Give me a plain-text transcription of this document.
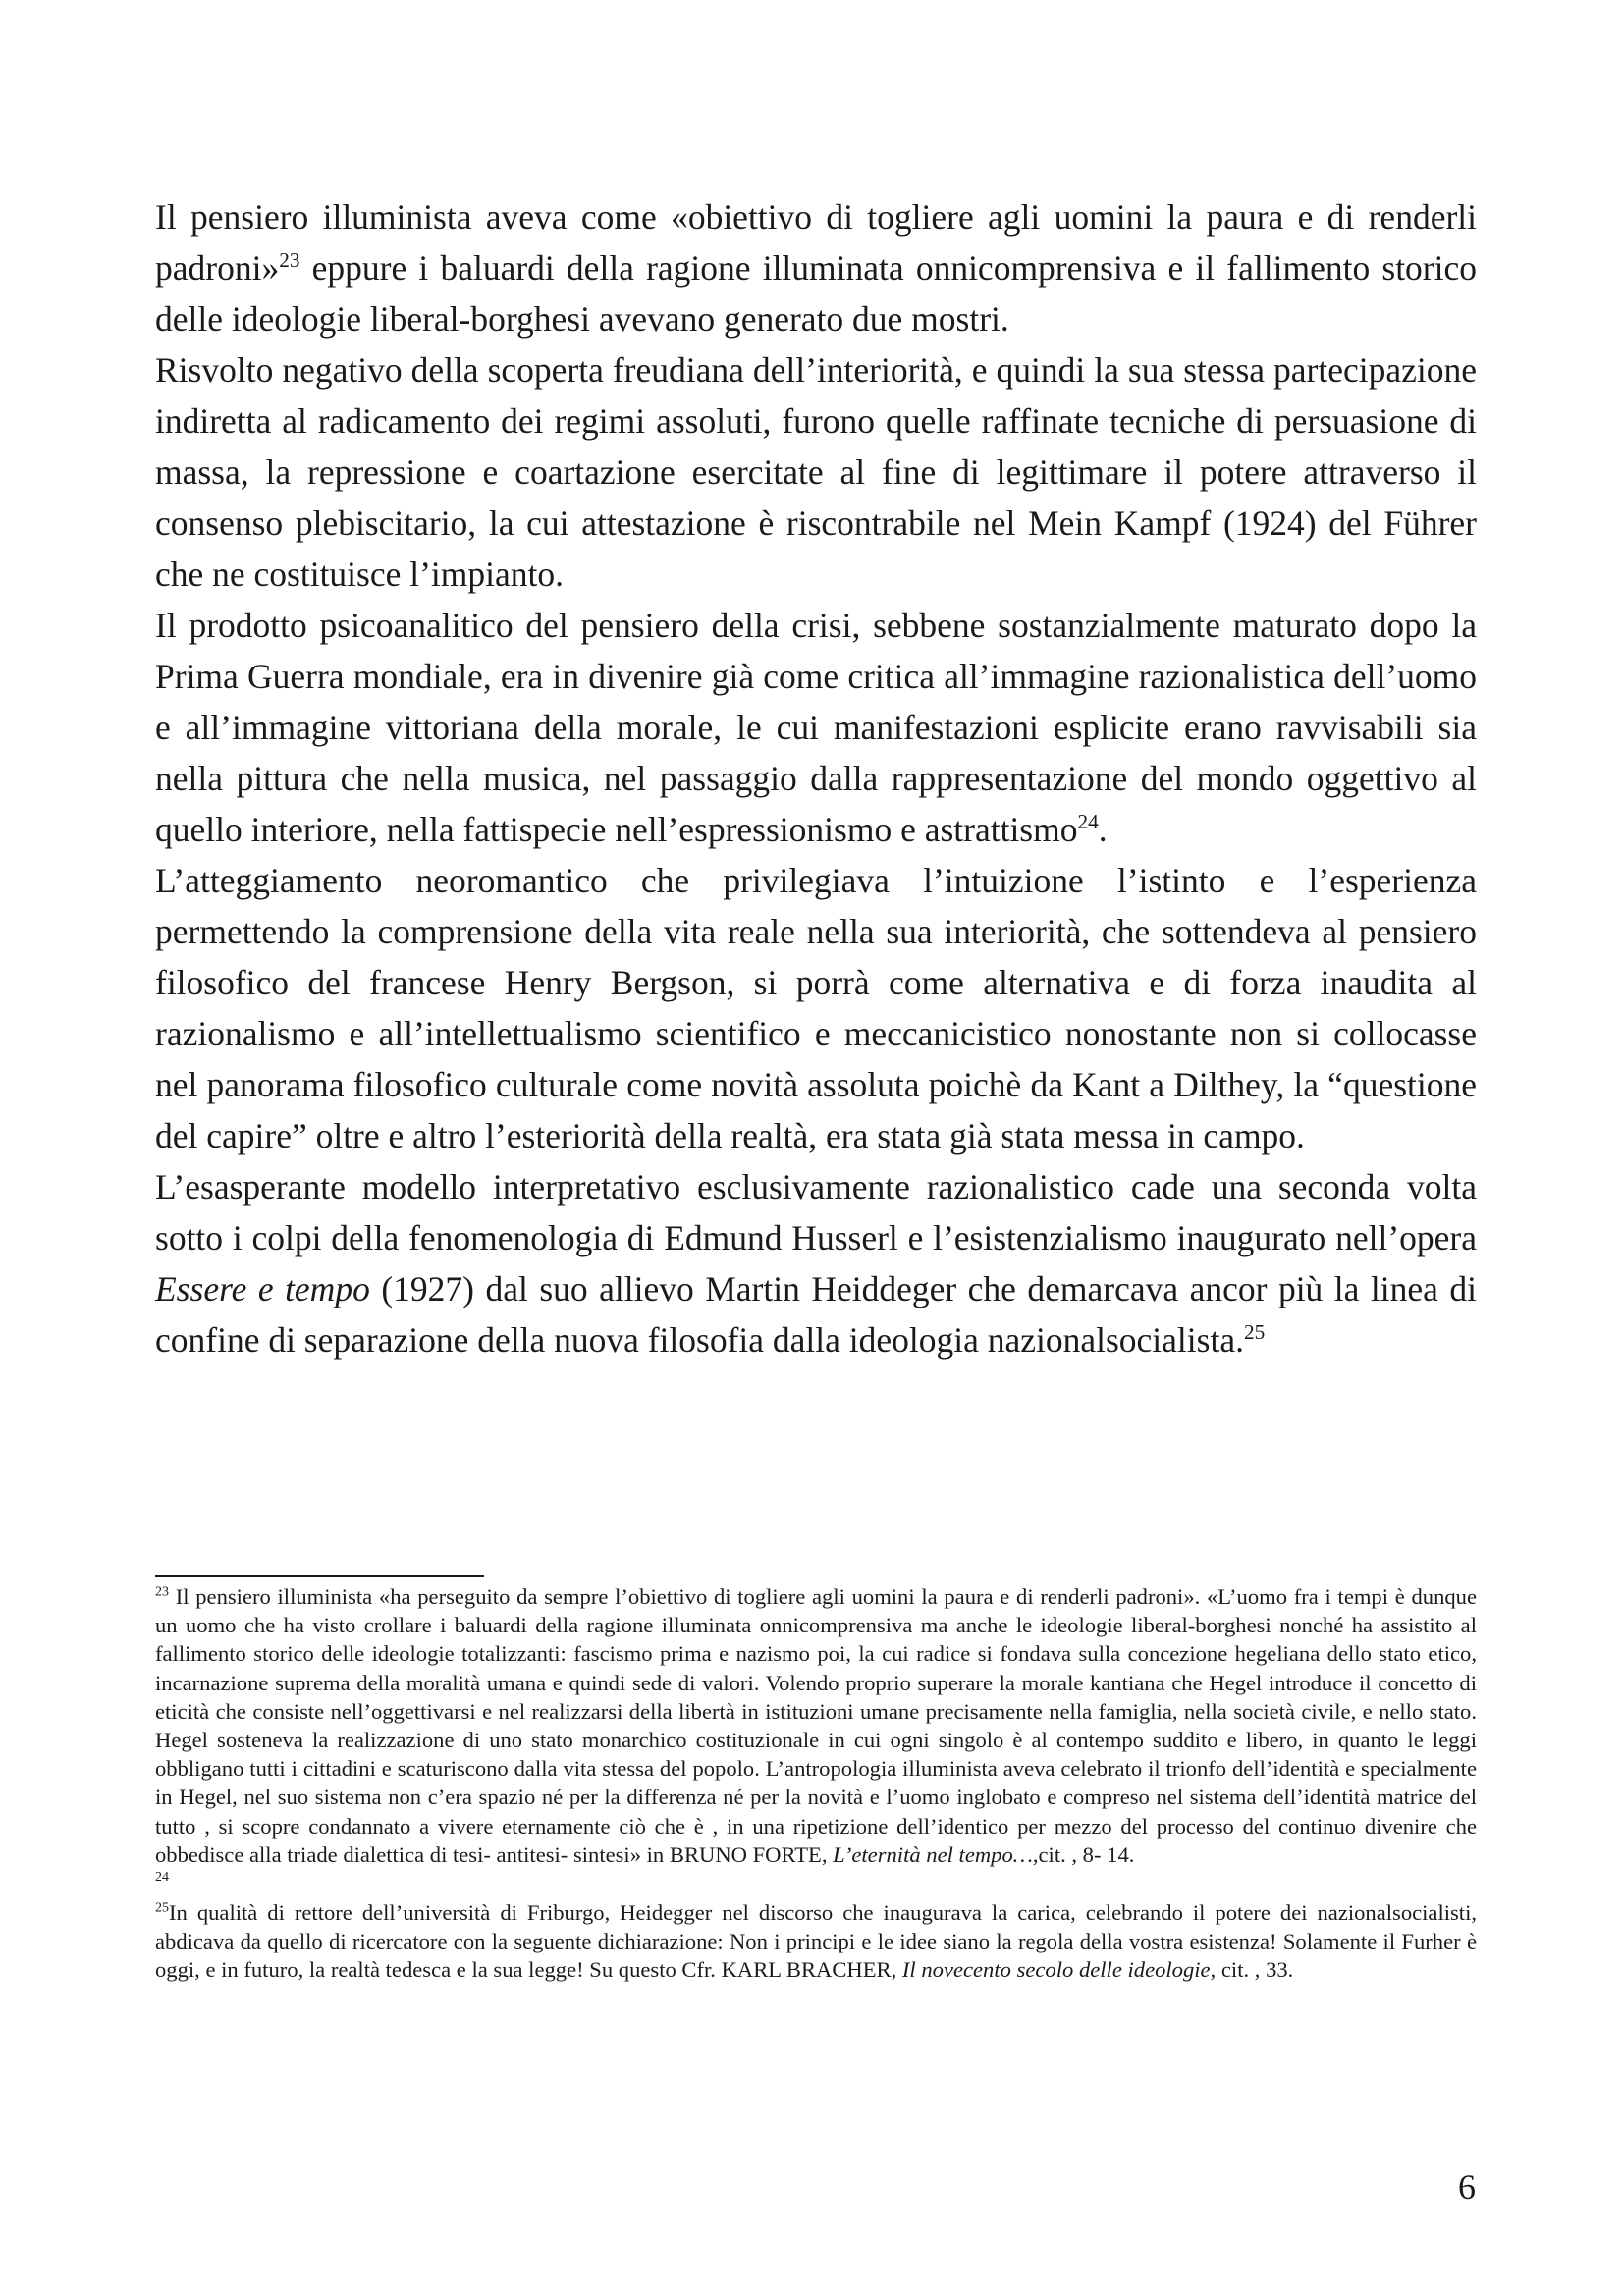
Il pensiero illuminista aveva come «obiettivo di togliere agli uomini la paura e di renderli padroni»$^{23}$ eppure i baluardi della ragione illuminata onnicomprensiva e il fallimento storico delle ideologie liberal-borghesi avevano generato due mostri.

Risvolto negativo della scoperta freudiana dell’interiorità, e quindi la sua stessa partecipazione indiretta al radicamento dei regimi assoluti, furono quelle raffinate tecniche di persuasione di massa, la repressione e coartazione esercitate al fine di legittimare il potere attraverso il consenso plebiscitario, la cui attestazione è riscontrabile nel Mein Kampf (1924) del Führer che ne costituisce l’impianto.

Il prodotto psicoanalitico del pensiero della crisi, sebbene sostanzialmente maturato dopo la Prima Guerra mondiale, era in divenire già come critica all’immagine razionalistica dell’uomo e all’immagine vittoriana della morale, le cui manifestazioni esplicite erano ravvisabili sia nella pittura che nella musica, nel passaggio dalla rappresentazione del mondo oggettivo al quello interiore, nella fattispecie nell’espressionismo e astrattismo$^{24}$.

L’atteggiamento neoromantico che privilegiava l’intuizione l’istinto e l’esperienza permettendo la comprensione della vita reale nella sua interiorità, che sottendeva al pensiero filosofico del francese Henry Bergson, si porrà come alternativa e di forza inaudita al razionalismo e all’intellettualismo scientifico e meccanicistico nonostante non si collocasse nel panorama filosofico culturale come novità assoluta poichè da Kant a Dilthey, la “questione del capire” oltre e altro l’esteriorità della realtà, era stata già stata messa in campo.

L’esasperante modello interpretativo esclusivamente razionalistico cade una seconda volta sotto i colpi della fenomenologia di Edmund Husserl e l’esistenzialismo inaugurato nell’opera Essere e tempo (1927) dal suo allievo Martin Heiddeger che demarcava ancor più la linea di confine di separazione della nuova filosofia dalla ideologia nazionalsocialista.$^{25}$

$^{23}$ Il pensiero illuminista «ha perseguito da sempre l’obiettivo di togliere agli uomini la paura e di renderli padroni». «L’uomo fra i tempi è dunque un uomo che ha visto crollare i baluardi della ragione illuminata onnicomprensiva ma anche le ideologie liberal-borghesi nonché ha assistito al fallimento storico delle ideologie totalizzanti: fascismo prima e nazismo poi, la cui radice si fondava sulla concezione hegeliana dello stato etico, incarnazione suprema della moralità umana e quindi sede di valori. Volendo proprio superare la morale kantiana che Hegel introduce il concetto di eticità che consiste nell’oggettivarsi e nel realizzarsi della libertà in istituzioni umane precisamente nella famiglia, nella società civile, e nello stato. Hegel sosteneva la realizzazione di uno stato monarchico costituzionale in cui ogni singolo è al contempo suddito e libero, in quanto le leggi obbligano tutti i cittadini e scaturiscono dalla vita stessa del popolo. L’antropologia illuminista aveva celebrato il trionfo dell’identità e specialmente in Hegel, nel suo sistema non c’era spazio né per la differenza né per la novità e l’uomo inglobato e compreso nel sistema dell’identità matrice del tutto , si scopre condannato a vivere eternamente ciò che è , in una ripetizione dell’identico per mezzo del processo del continuo divenire che obbedisce alla triade dialettica di tesi- antitesi- sintesi» in BRUNO FORTE, L’eternità nel tempo…,cit. , 8- 14.

24

$^{25}$In qualità di rettore dell’università di Friburgo, Heidegger nel discorso che inaugurava la carica, celebrando il potere dei nazionalsocialisti, abdicava da quello di ricercatore con la seguente dichiarazione: Non i principi e le idee siano la regola della vostra esistenza! Solamente il Furher è oggi, e in futuro, la realtà tedesca e la sua legge! Su questo Cfr. KARL BRACHER, Il novecento secolo delle ideologie, cit. , 33.

6
